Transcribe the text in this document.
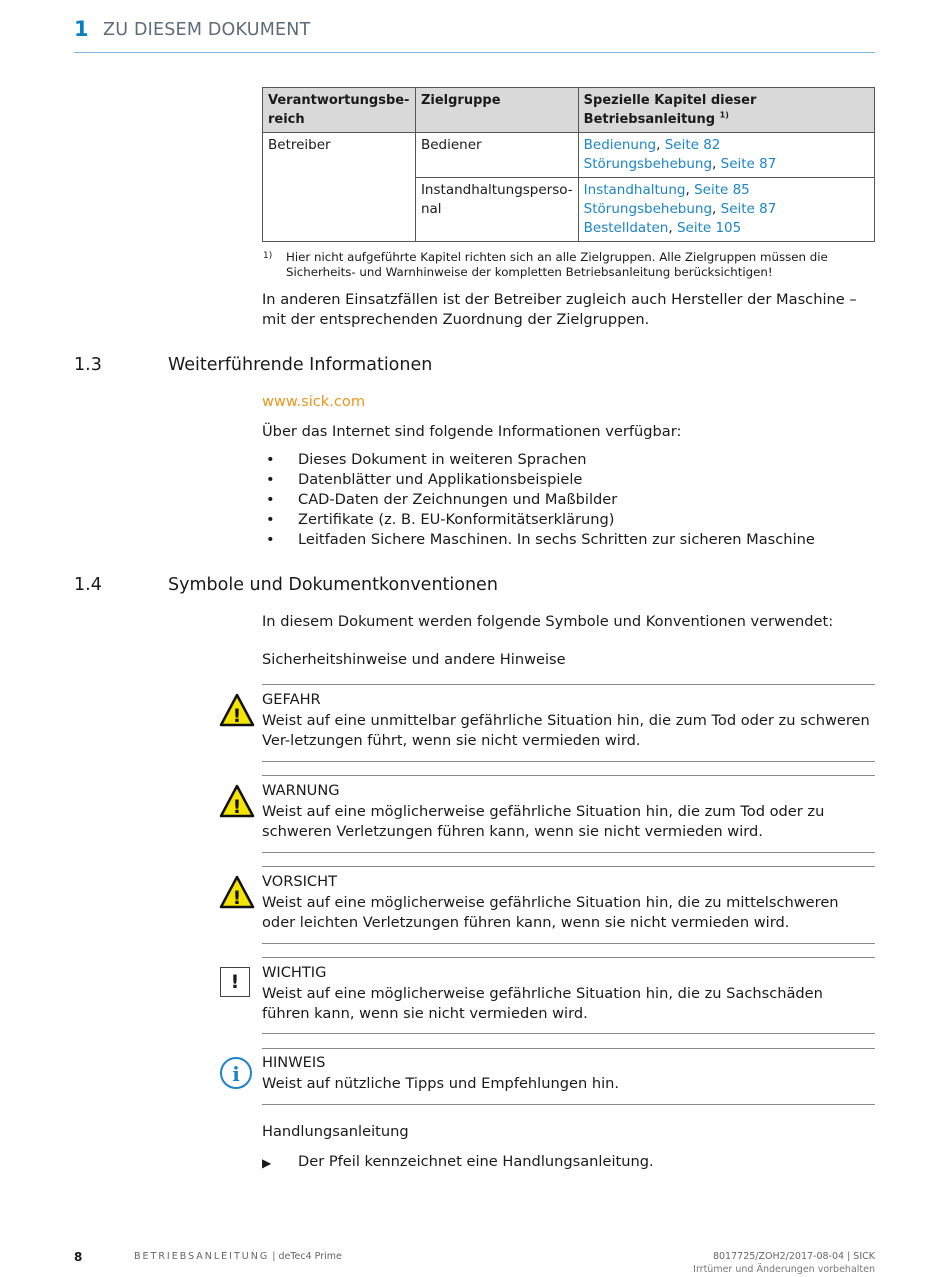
1 ZU DIESEM DOKUMENT
Verantwortungsbe-reich	Zielgruppe	Spezielle Kapitel dieser Betriebsanleitung $^{1)}$
Betreiber	Bediener	Bedienung, Seite 82
Störungsbehebung, Seite 87

	Instandhaltungsperso-nal	Instandhaltung, Seite 85
Störungsbehebung, Seite 87
Bestelldaten, Seite 105
1) Hier nicht aufgeführte Kapitel richten sich an alle Zielgruppen. Alle Zielgruppen müssen die Sicherheits- und Warnhinweise der kompletten Betriebsanleitung berücksichtigen!
In anderen Einsatzfällen ist der Betreiber zugleich auch Hersteller der Maschine – mit der entsprechenden Zuordnung der Zielgruppen.
1.3	Weiterführende Informationen
www.sick.com
Über das Internet sind folgende Informationen verfügbar:
• Dieses Dokument in weiteren Sprachen
• Datenblätter und Applikationsbeispiele
• CAD-Daten der Zeichnungen und Maßbilder
• Zertifikate (z. B. EU-Konformitätserklärung)
• Leitfaden Sichere Maschinen. In sechs Schritten zur sicheren Maschine
1.4	Symbole und Dokumentkonventionen
In diesem Dokument werden folgende Symbole und Konventionen verwendet:
Sicherheitshinweise und andere Hinweise
!
GEFAHR
Weist auf eine unmittelbar gefährliche Situation hin, die zum Tod oder zu schweren Ver-letzungen führt, wenn sie nicht vermieden wird.
!
WARNUNG
Weist auf eine möglicherweise gefährliche Situation hin, die zum Tod oder zu schweren Verletzungen führen kann, wenn sie nicht vermieden wird.
!
VORSICHT
Weist auf eine möglicherweise gefährliche Situation hin, die zu mittelschweren oder leichten Verletzungen führen kann, wenn sie nicht vermieden wird.
!	WICHTIG
Weist auf eine möglicherweise gefährliche Situation hin, die zu Sachschäden führen kann, wenn sie nicht vermieden wird.
i HINWEIS
Weist auf nützliche Tipps und Empfehlungen hin.
Handlungsanleitung
▶ Der Pfeil kennzeichnet eine Handlungsanleitung.
8	BETRIEBSANLEITUNG | deTec4 Prime	8017725/ZOH2/2017-08-04 | SICK
Irrtümer und Änderungen vorbehalten
